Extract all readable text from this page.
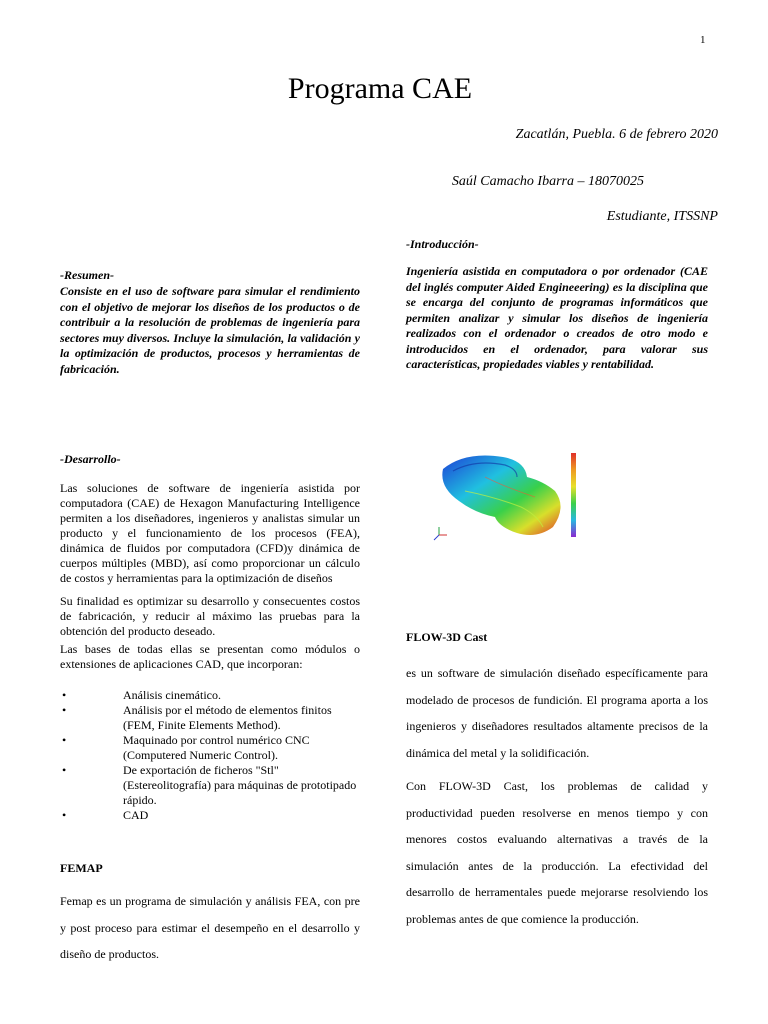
1
Programa CAE
Zacatlán, Puebla. 6 de febrero 2020
Saúl Camacho Ibarra – 18070025
Estudiante, ITSSNP
-Resumen-
Consiste en el uso de software para simular el rendimiento con el objetivo de mejorar los diseños de los productos o de contribuir a la resolución de problemas de ingeniería para sectores muy diversos. Incluye la simulación, la validación y la optimización de productos, procesos y herramientas de fabricación.
-Introducción-
Ingeniería asistida en computadora o por ordenador (CAE del inglés computer Aided Engineeering) es la disciplina que se encarga del conjunto de programas informáticos que permiten analizar y simular los diseños de ingeniería realizados con el ordenador o creados de otro modo e introducidos en el ordenador, para valorar sus características, propiedades viables y rentabilidad.
-Desarrollo-
Las soluciones de software de ingeniería asistida por computadora (CAE) de Hexagon Manufacturing Intelligence permiten a los diseñadores, ingenieros y analistas simular un producto y el funcionamiento de los procesos (FEA), dinámica de fluidos por computadora (CFD)y dinámica de cuerpos múltiples (MBD), así como proporcionar un cálculo de costos y herramientas para la optimización de diseños
Su finalidad es optimizar su desarrollo y consecuentes costos de fabricación, y reducir al máximo las pruebas para la obtención del producto deseado.
Las bases de todas ellas se presentan como módulos o extensiones de aplicaciones CAD, que incorporan:
•	Análisis cinemático.
•	Análisis por el método de elementos finitos (FEM, Finite Elements Method).
•	Maquinado por control numérico CNC (Computered Numeric Control).
•	De exportación de ficheros "Stl" (Estereolitografía) para máquinas de prototipado rápido.
•	CAD
FEMAP
Femap es un programa de simulación y análisis FEA, con pre y post proceso para estimar el desempeño en el desarrollo y diseño de productos.
FLOW-3D Cast
es un software de simulación diseñado específicamente para modelado de procesos de fundición. El programa aporta a los ingenieros y diseñadores resultados altamente precisos de la dinámica del metal y la solidificación.
Con FLOW-3D Cast, los problemas de calidad y productividad pueden resolverse en menos tiempo y con menores costos evaluando alternativas a través de la simulación antes de la producción. La efectividad del desarrollo de herramentales puede mejorarse resolviendo los problemas antes de que comience la producción.
